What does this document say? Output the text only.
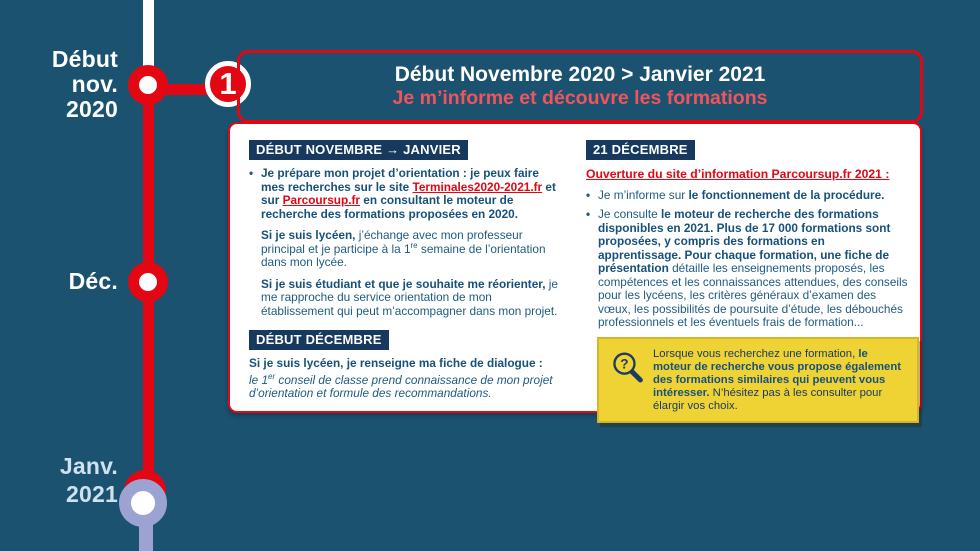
Début
nov.
2020
Déc.
Janv.
2021
1	Début Novembre 2020 > Janvier 2021
Je m’informe et découvre les formations
DÉBUT NOVEMBRE → JANVIER

• Je prépare mon projet d’orientation : je peux faire mes recherches sur le site Terminales2020-2021.fr et sur Parcoursup.fr en consultant le moteur de recherche des formations proposées en 2020.

Si je suis lycéen, j’échange avec mon professeur principal et je participe à la 1re semaine de l’orientation dans mon lycée.

Si je suis étudiant et que je souhaite me réorienter, je me rapproche du service orientation de mon établissement qui peut m’accompagner dans mon projet.

DÉBUT DÉCEMBRE

Si je suis lycéen, je renseigne ma fiche de dialogue :

le 1er conseil de classe prend connaissance de mon projet d’orientation et formule des recommandations.

21 DÉCEMBRE

Ouverture du site d’information Parcoursup.fr 2021 :

• Je m’informe sur le fonctionnement de la procédure.

• Je consulte le moteur de recherche des formations disponibles en 2021. Plus de 17 000 formations sont proposées, y compris des formations en apprentissage. Pour chaque formation, une fiche de présentation détaille les enseignements proposés, les compétences et les connaissances attendues, des conseils pour les lycéens, les critères généraux d’examen des vœux, les possibilités de poursuite d’étude, les débouchés professionnels et les éventuels frais de formation...

?

Lorsque vous recherchez une formation, le moteur de recherche vous propose également des formations similaires qui peuvent vous intéresser. N’hésitez pas à les consulter pour élargir vos choix.
